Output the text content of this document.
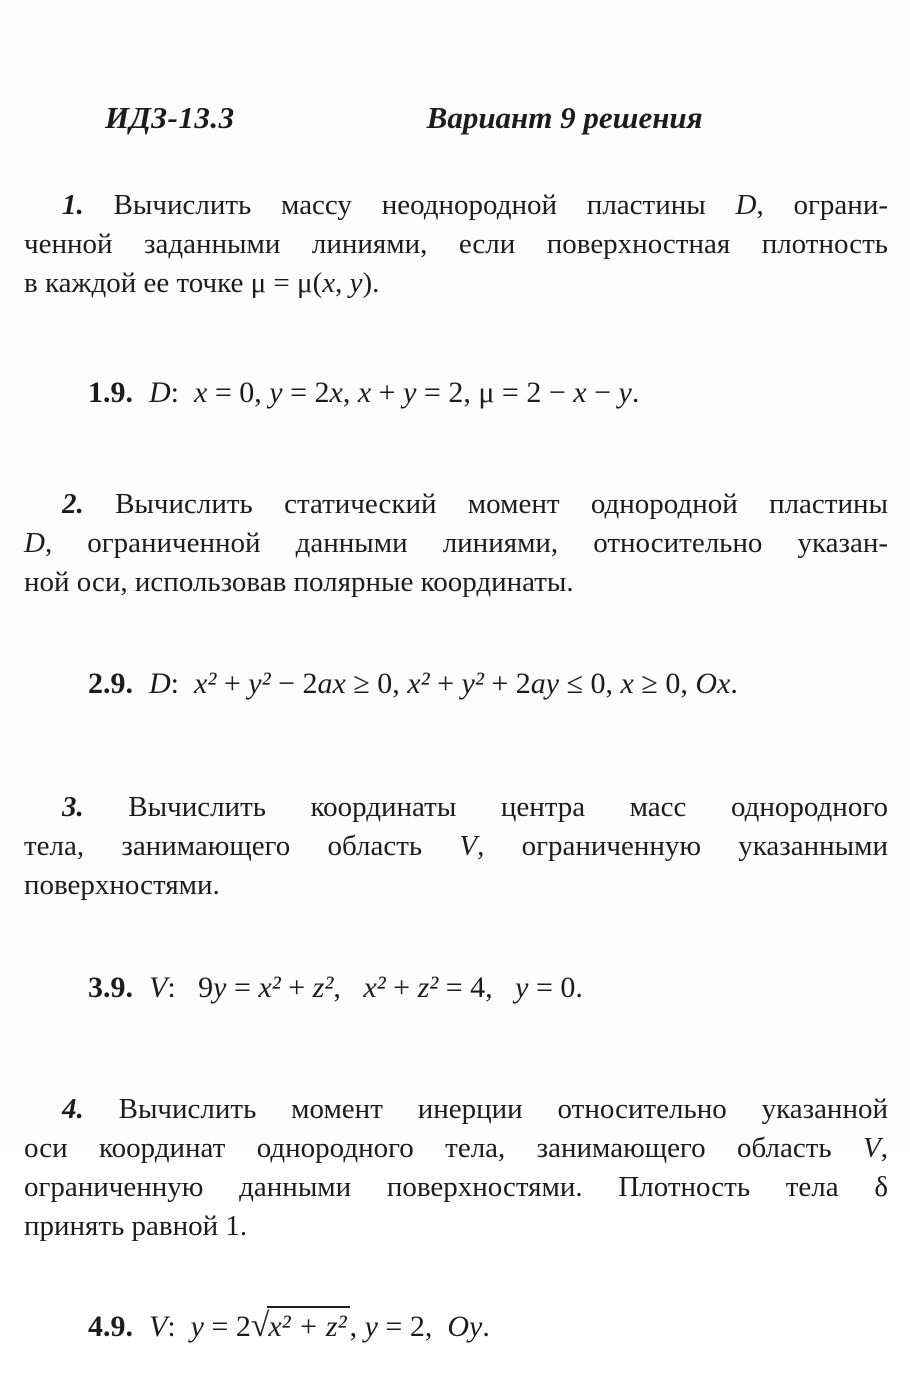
ИДЗ-13.3	Вариант 9 решения
1. Вычислить массу неоднородной пластины D, ограни-
ченной заданными линиями, если поверхностная плотность
в каждой ее точке μ = μ(x, y).

1.9. D: x = 0, y = 2x, x + y = 2, μ = 2 − x − y.

2. Вычислить статический момент однородной пластины
D, ограниченной данными линиями, относительно указан-
ной оси, использовав полярные координаты.

2.9. D: x² + y² − 2ax ≥ 0, x² + y² + 2ay ≤ 0, x ≥ 0, Ox.

3. Вычислить координаты центра масс однородного
тела, занимающего область V, ограниченную указанными
поверхностями.

3.9. V:  9y = x² + z²,  x² + z² = 4,  y = 0.

4. Вычислить момент инерции относительно указанной
оси координат однородного тела, занимающего область V,
ограниченную данными поверхностями. Плотность тела δ
принять равной 1.

4.9. V: y = 2√x² + z² , y = 2, Oy.
